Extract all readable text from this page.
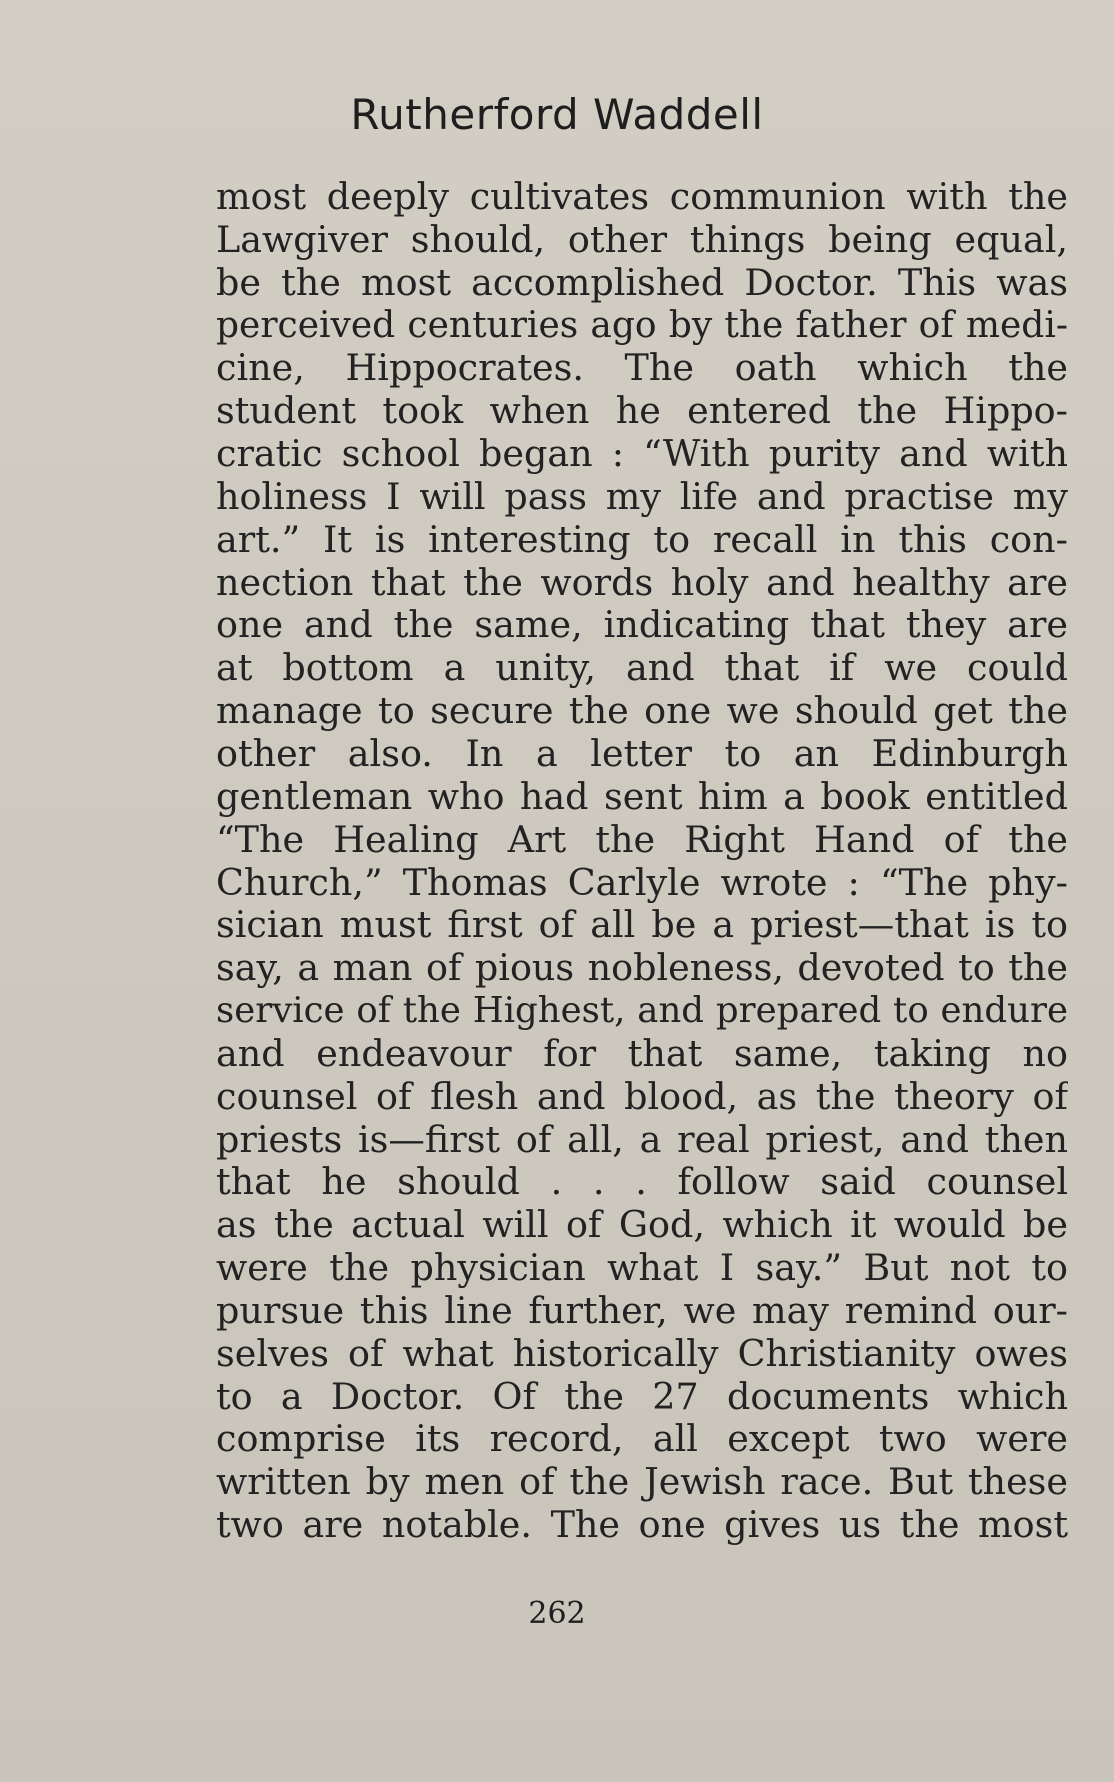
Rutherford Waddell
most deeply cultivates communion with the
Lawgiver should, other things being equal,
be the most accomplished Doctor. This was
perceived centuries ago by the father of medi-
cine, Hippocrates. The oath which the
student took when he entered the Hippo-
cratic school began : “With purity and with
holiness I will pass my life and practise my
art.” It is interesting to recall in this con-
nection that the words holy and healthy are
one and the same, indicating that they are
at bottom a unity, and that if we could
manage to secure the one we should get the
other also. In a letter to an Edinburgh
gentleman who had sent him a book entitled
“The Healing Art the Right Hand of the
Church,” Thomas Carlyle wrote : “The phy-
sician must first of all be a priest—that is to
say, a man of pious nobleness, devoted to the
service of the Highest, and prepared to endure
and endeavour for that same, taking no
counsel of flesh and blood, as the theory of
priests is—first of all, a real priest, and then
that he should . . . follow said counsel
as the actual will of God, which it would be
were the physician what I say.” But not to
pursue this line further, we may remind our-
selves of what historically Christianity owes
to a Doctor. Of the 27 documents which
comprise its record, all except two were
written by men of the Jewish race. But these
two are notable. The one gives us the most
262
